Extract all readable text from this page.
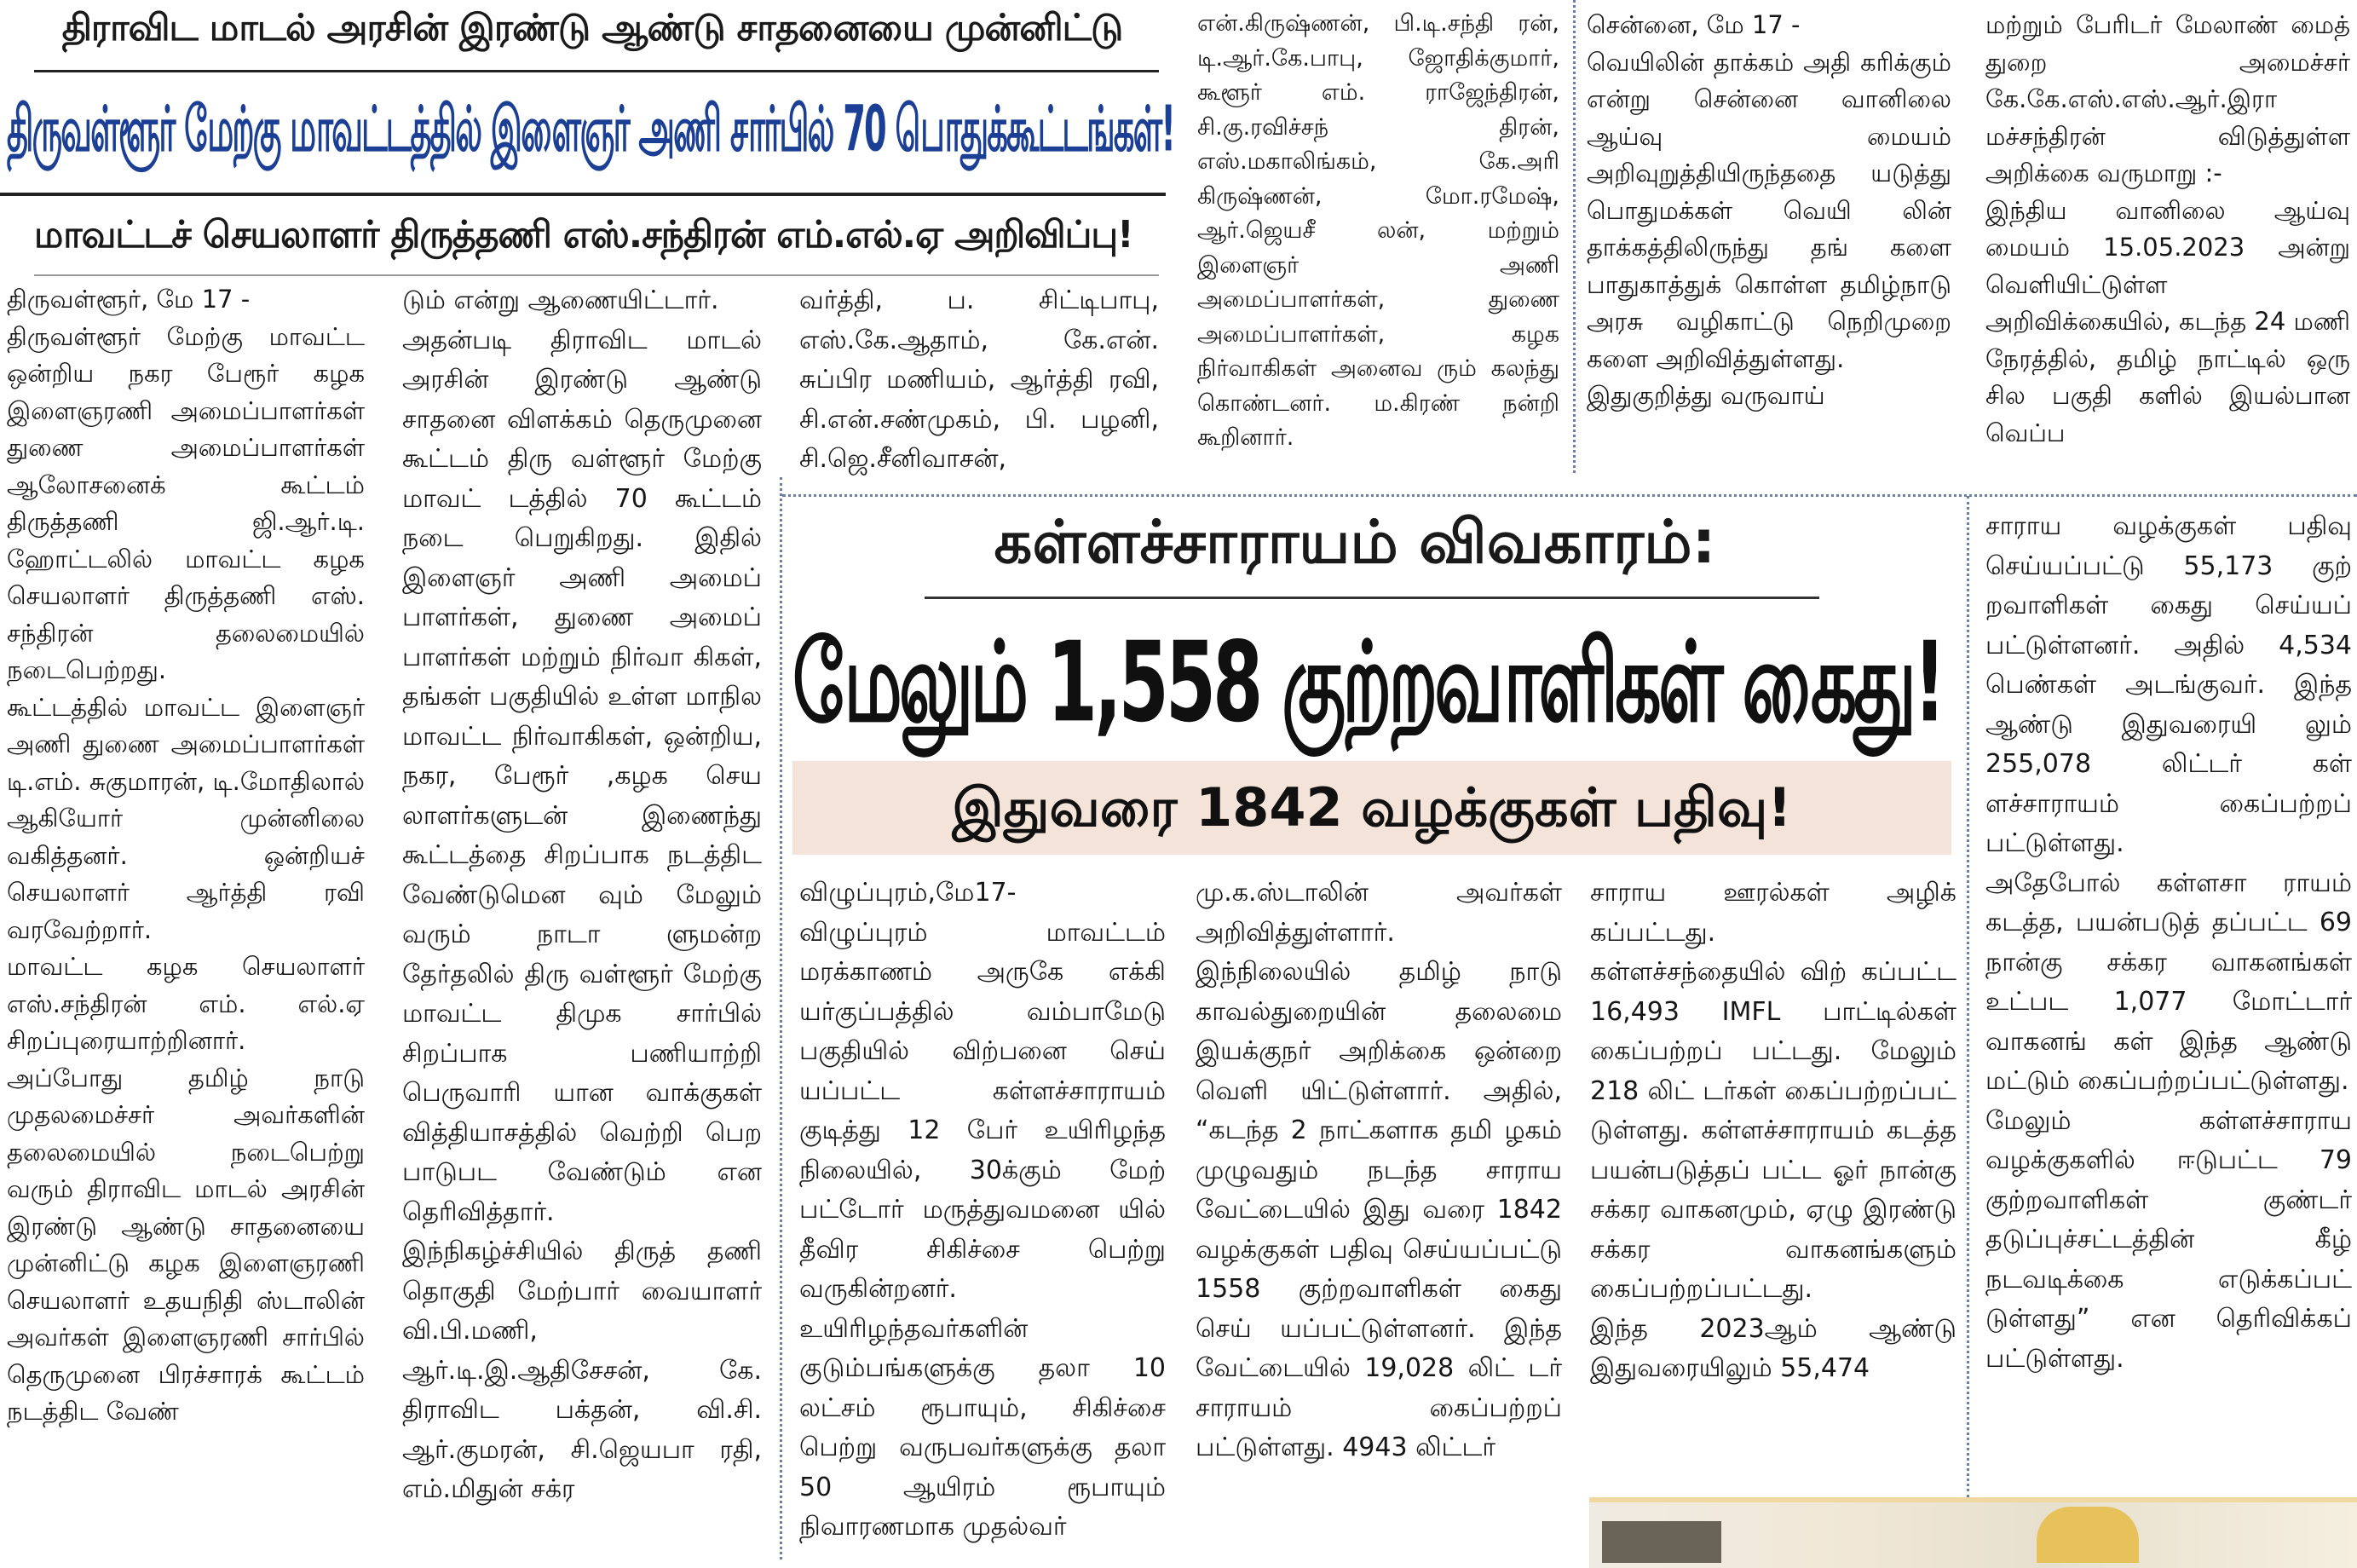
திராவிட மாடல் அரசின் இரண்டு ஆண்டு சாதனையை முன்னிட்டு
திருவள்ளூர் மேற்கு மாவட்டத்தில் இளைஞர் அணி சார்பில் 70 பொதுக்கூட்டங்கள்!
மாவட்டச் செயலாளர் திருத்தணி எஸ்.சந்திரன் எம்.எல்.ஏ அறிவிப்பு!

திருவள்ளூர், மே 17 -
திருவள்ளூர் மேற்கு மாவட்ட ஒன்றிய நகர பேரூர் கழக இளைஞரணி அமைப்பாளர்கள் துணை அமைப்பாளர்கள் ஆலோசனைக் கூட்டம் திருத்தணி ஜி.ஆர்.டி. ஹோட்டலில் மாவட்ட கழக செயலாளர் திருத்தணி எஸ். சந்திரன் தலைமையில் நடைபெற்றது.
கூட்டத்தில் மாவட்ட இளைஞர் அணி துணை அமைப்பாளர்கள் டி.எம். சுகுமாரன், டி.மோதிலால் ஆகியோர் முன்னிலை வகித்தனர். ஒன்றியச் செயலாளர் ஆர்த்தி ரவி வரவேற்றார்.
மாவட்ட கழக செயலாளர் எஸ்.சந்திரன் எம். எல்.ஏ சிறப்புரையாற்றினார். அப்போது தமிழ் நாடு முதலமைச்சர் அவர்களின் தலைமையில் நடைபெற்று வரும் திராவிட மாடல் அரசின் இரண்டு ஆண்டு சாதனையை முன்னிட்டு கழக இளைஞரணி செயலாளர் உதயநிதி ஸ்டாலின் அவர்கள் இளைஞரணி சார்பில் தெருமுனை பிரச்சாரக் கூட்டம் நடத்திட வேண்

டும் என்று ஆணையிட்டார்.
அதன்படி திராவிட மாடல் அரசின் இரண்டு ஆண்டு சாதனை விளக்கம் தெருமுனை கூட்டம் திரு வள்ளூர் மேற்கு மாவட் டத்தில் 70 கூட்டம் நடை பெறுகிறது. இதில் இளைஞர் அணி அமைப் பாளர்கள், துணை அமைப் பாளர்கள் மற்றும் நிர்வா கிகள், தங்கள் பகுதியில் உள்ள மாநில மாவட்ட நிர்வாகிகள், ஒன்றிய, நகர, பேரூர் ,கழக செய லாளர்களுடன் இணைந்து கூட்டத்தை சிறப்பாக நடத்திட வேண்டுமென வும் மேலும் வரும் நாடா ளுமன்ற தேர்தலில் திரு வள்ளூர் மேற்கு மாவட்ட திமுக சார்பில் சிறப்பாக பணியாற்றி பெருவாரி யான வாக்குகள் வித்தியாசத்தில் வெற்றி பெற பாடுபட வேண்டும் என தெரிவித்தார்.
இந்நிகழ்ச்சியில் திருத் தணி தொகுதி மேற்பார் வையாளர் வி.பி.மணி, ஆர்.டி.இ.ஆதிசேசன், கே. திராவிட பக்தன், வி.சி. ஆர்.குமரன், சி.ஜெயபா ரதி, எம்.மிதுன் சக்ர

வர்த்தி, ப. சிட்டிபாபு, எஸ்.கே.ஆதாம், கே.என். சுப்பிர மணியம், ஆர்த்தி ரவி, சி.என்.சண்முகம், பி. பழனி, சி.ஜெ.சீனிவாசன்,

என்.கிருஷ்ணன், பி.டி.சந்தி ரன், டி.ஆர்.கே.பாபு, ஜோதிக்குமார், கூளூர் எம். ராஜேந்திரன், சி.கு.ரவிச்சந் திரன், எஸ்.மகாலிங்கம், கே.அரி கிருஷ்ணன், மோ.ரமேஷ், ஆர்.ஜெயசீ லன், மற்றும் இளைஞர் அணி அமைப்பாளர்கள், துணை அமைப்பாளர்கள், கழக நிர்வாகிகள் அனைவ ரும் கலந்து கொண்டனர். ம.கிரண் நன்றி கூறினார்.

சென்னை, மே 17 -
வெயிலின் தாக்கம் அதி கரிக்கும் என்று சென்னை வானிலை ஆய்வு மையம் அறிவுறுத்தியிருந்ததை யடுத்து பொதுமக்கள் வெயி லின் தாக்கத்திலிருந்து தங் களை பாதுகாத்துக் கொள்ள தமிழ்நாடு அரசு வழிகாட்டு நெறிமுறை களை அறிவித்துள்ளது.
இதுகுறித்து வருவாய்

மற்றும் பேரிடர் மேலாண் மைத் துறை அமைச்சர் கே.கே.எஸ்.எஸ்.ஆர்.இரா மச்சந்திரன் விடுத்துள்ள அறிக்கை வருமாறு :-
இந்திய வானிலை ஆய்வு மையம் 15.05.2023 அன்று வெளியிட்டுள்ள அறிவிக்கையில், கடந்த 24 மணி நேரத்தில், தமிழ் நாட்டில் ஒரு சில பகுதி களில் இயல்பான வெப்ப

கள்ளச்சாராயம் விவகாரம்:
மேலும் 1,558 குற்றவாளிகள் கைது!
இதுவரை 1842 வழக்குகள் பதிவு!

விழுப்புரம்,மே17-
விழுப்புரம் மாவட்டம் மரக்காணம் அருகே எக்கி யர்குப்பத்தில் வம்பாமேடு பகுதியில் விற்பனை செய் யப்பட்ட கள்ளச்சாராயம் குடித்து 12 பேர் உயிரிழந்த நிலையில், 30க்கும் மேற் பட்டோர் மருத்துவமனை யில் தீவிர சிகிச்சை பெற்று வருகின்றனர்.
உயிரிழந்தவர்களின் குடும்பங்களுக்கு தலா 10 லட்சம் ரூபாயும், சிகிச்சை பெற்று வருபவர்களுக்கு தலா 50 ஆயிரம் ரூபாயும் நிவாரணமாக முதல்வர்

மு.க.ஸ்டாலின் அவர்கள் அறிவித்துள்ளார்.
இந்நிலையில் தமிழ் நாடு காவல்துறையின் தலைமை இயக்குநர் அறிக்கை ஒன்றை வெளி யிட்டுள்ளார். அதில், “கடந்த 2 நாட்களாக தமி ழகம் முழுவதும் நடந்த சாராய வேட்டையில் இது வரை 1842 வழக்குகள் பதிவு செய்யப்பட்டு 1558 குற்றவாளிகள் கைது செய் யப்பட்டுள்ளனர். இந்த வேட்டையில் 19,028 லிட் டர் சாராயம் கைப்பற்றப் பட்டுள்ளது. 4943 லிட்டர்

சாராய ஊரல்கள் அழிக் கப்பட்டது.
கள்ளச்சந்தையில் விற் கப்பட்ட 16,493 IMFL பாட்டில்கள் கைப்பற்றப் பட்டது. மேலும் 218 லிட் டர்கள் கைப்பற்றப்பட் டுள்ளது. கள்ளச்சாராயம் கடத்த பயன்படுத்தப் பட்ட ஓர் நான்கு சக்கர வாகனமும், ஏழு இரண்டு சக்கர வாகனங்களும் கைப்பற்றப்பட்டது.
இந்த 2023ஆம் ஆண்டு இதுவரையிலும் 55,474

சாராய வழக்குகள் பதிவு செய்யப்பட்டு 55,173 குற் றவாளிகள் கைது செய்யப் பட்டுள்ளனர். அதில் 4,534 பெண்கள் அடங்குவர். இந்த ஆண்டு இதுவரையி லும் 255,078 லிட்டர் கள் ளச்சாராயம் கைப்பற்றப் பட்டுள்ளது.
அதேபோல் கள்ளசா ராயம் கடத்த, பயன்படுத் தப்பட்ட 69 நான்கு சக்கர வாகனங்கள் உட்பட 1,077 மோட்டார் வாகனங் கள் இந்த ஆண்டு மட்டும் கைப்பற்றப்பட்டுள்ளது.
மேலும் கள்ளச்சாராய வழக்குகளில் ஈடுபட்ட 79 குற்றவாளிகள் குண்டர் தடுப்புச்சட்டத்தின் கீழ் நடவடிக்கை எடுக்கப்பட் டுள்ளது” என தெரிவிக்கப் பட்டுள்ளது.
